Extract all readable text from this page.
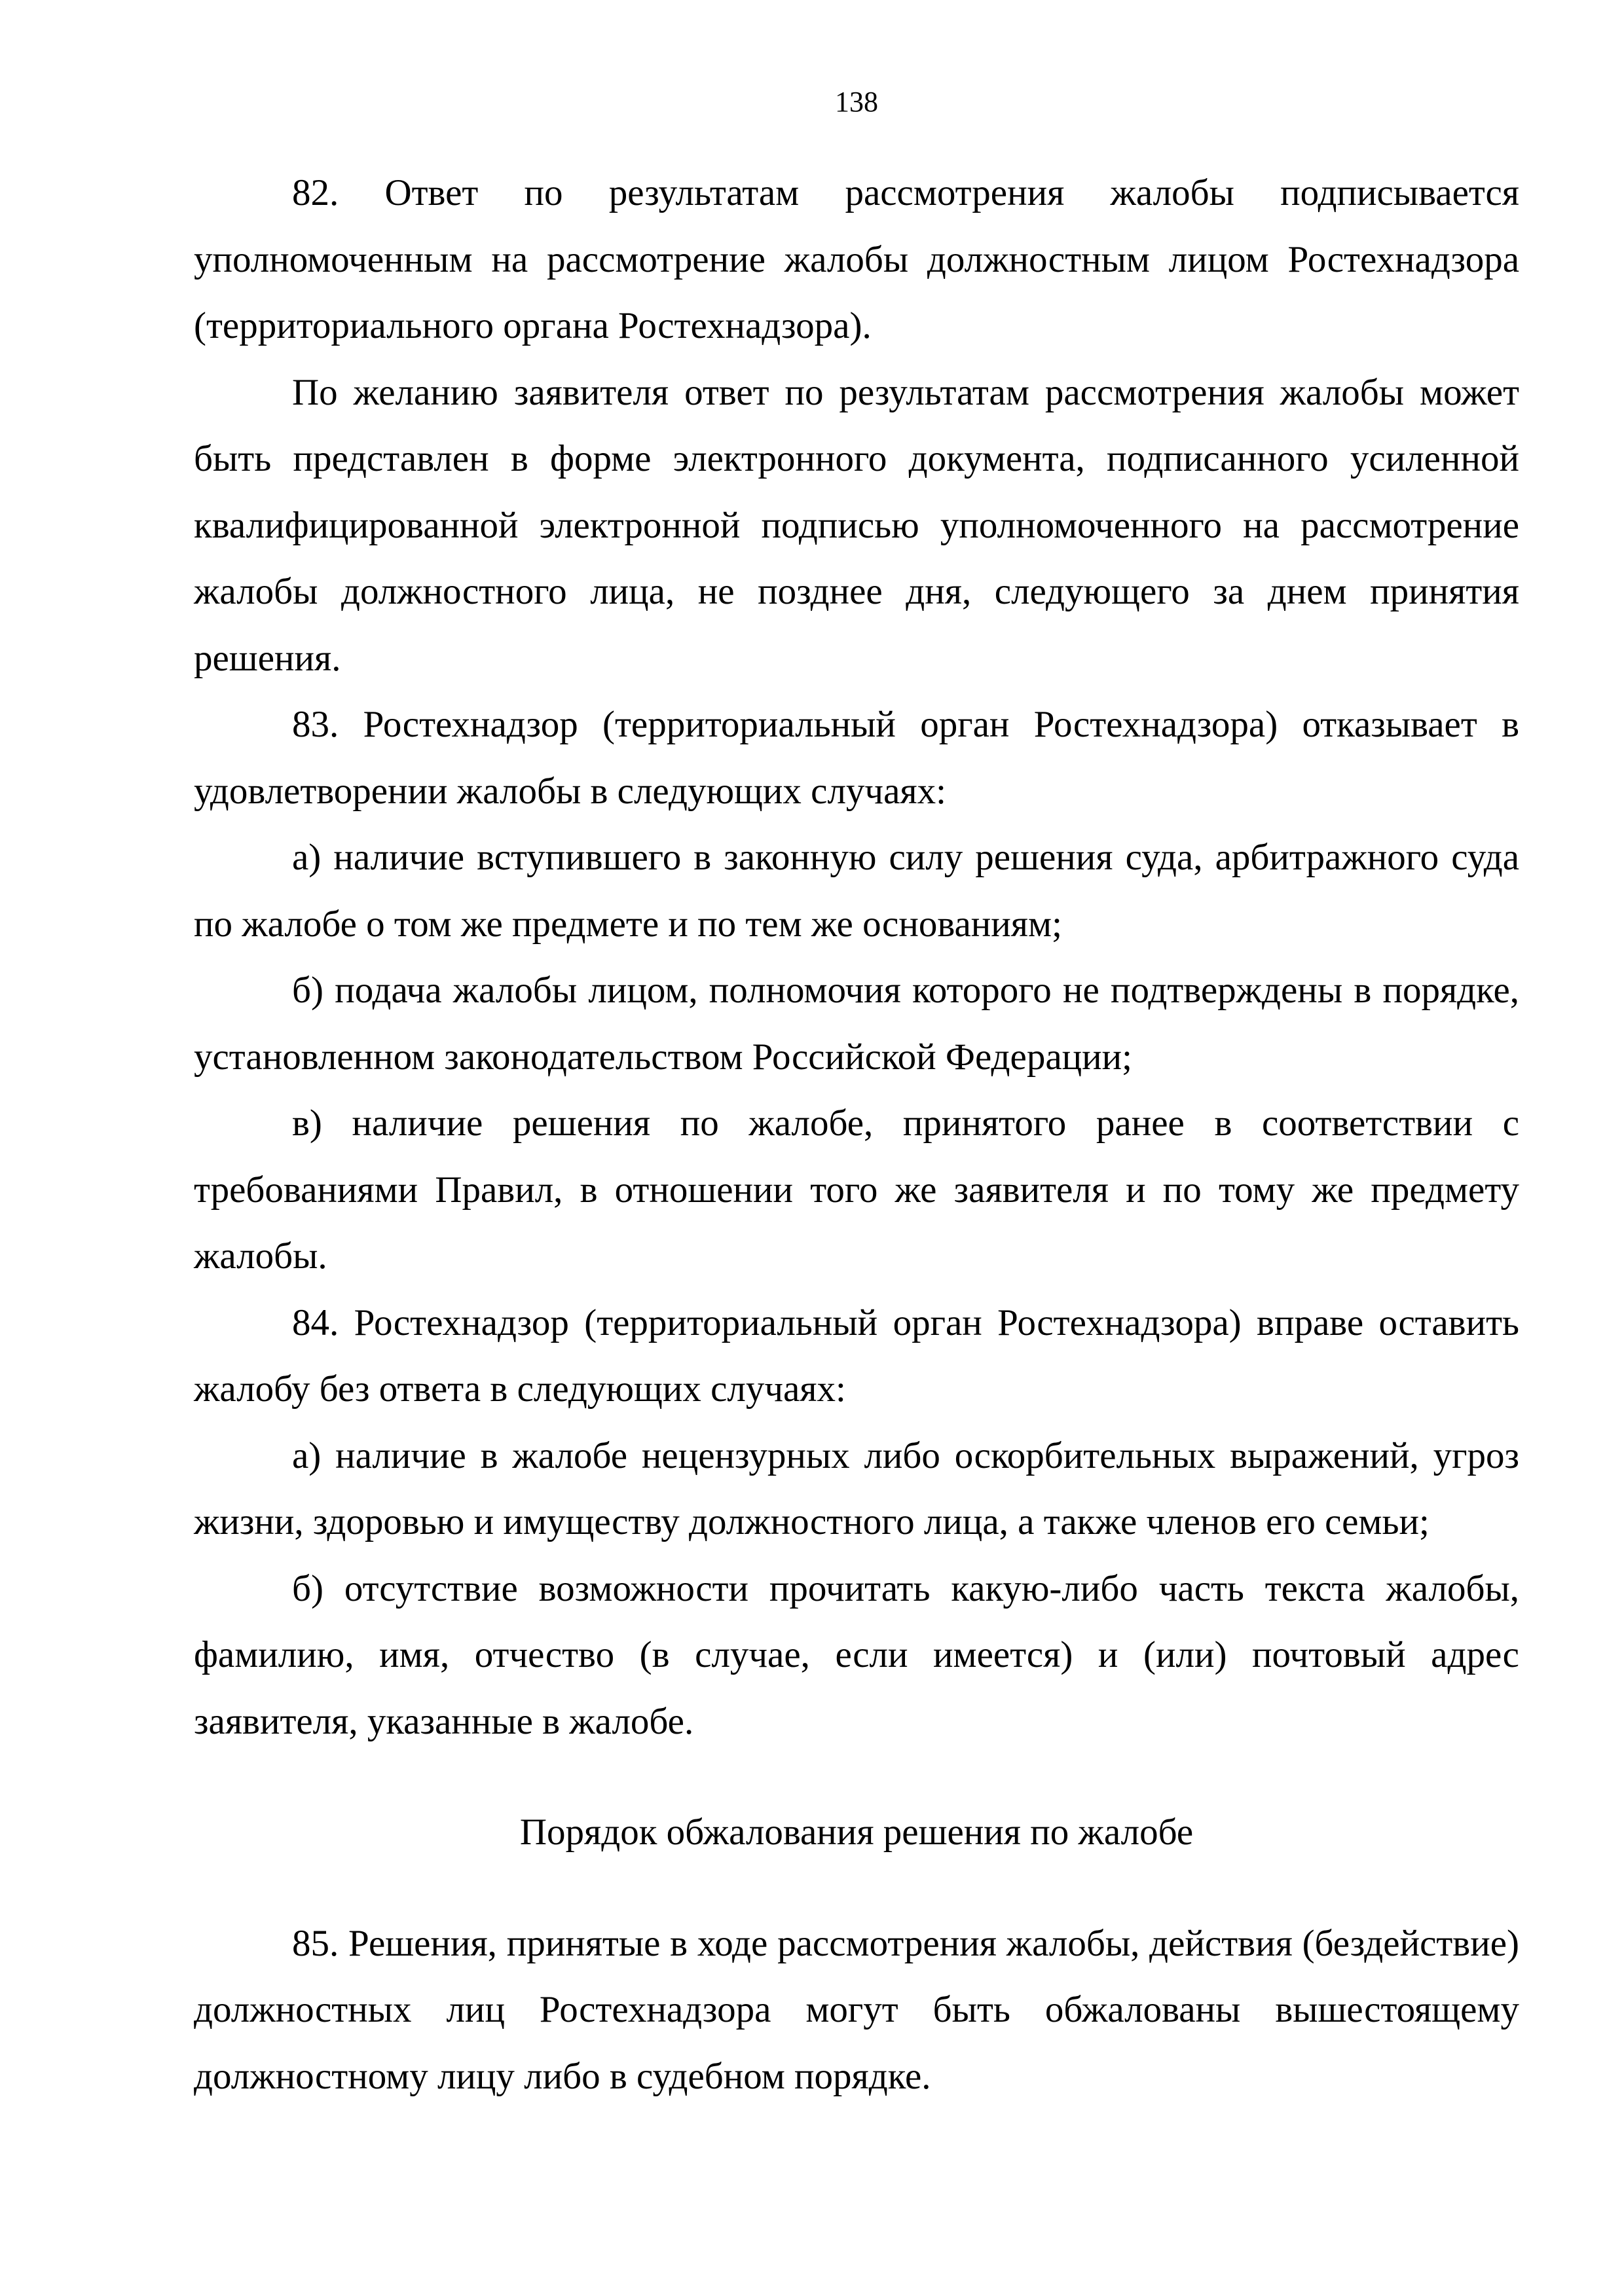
138

82. Ответ по результатам рассмотрения жалобы подписывается уполномоченным на рассмотрение жалобы должностным лицом Ростехнадзора (территориального органа Ростехнадзора).

По желанию заявителя ответ по результатам рассмотрения жалобы может быть представлен в форме электронного документа, подписанного усиленной квалифицированной электронной подписью уполномоченного на рассмотрение жалобы должностного лица, не позднее дня, следующего за днем принятия решения.

83. Ростехнадзор (территориальный орган Ростехнадзора) отказывает в удовлетворении жалобы в следующих случаях:

а) наличие вступившего в законную силу решения суда, арбитражного суда по жалобе о том же предмете и по тем же основаниям;

б) подача жалобы лицом, полномочия которого не подтверждены в порядке, установленном законодательством Российской Федерации;

в) наличие решения по жалобе, принятого ранее в соответствии с требованиями Правил, в отношении того же заявителя и по тому же предмету жалобы.

84. Ростехнадзор (территориальный орган Ростехнадзора) вправе оставить жалобу без ответа в следующих случаях:

а) наличие в жалобе нецензурных либо оскорбительных выражений, угроз жизни, здоровью и имуществу должностного лица, а также членов его семьи;

б) отсутствие возможности прочитать какую-либо часть текста жалобы, фамилию, имя, отчество (в случае, если имеется) и (или) почтовый адрес заявителя, указанные в жалобе.

Порядок обжалования решения по жалобе

85. Решения, принятые в ходе рассмотрения жалобы, действия (бездействие) должностных лиц Ростехнадзора могут быть обжалованы вышестоящему должностному лицу либо в судебном порядке.
